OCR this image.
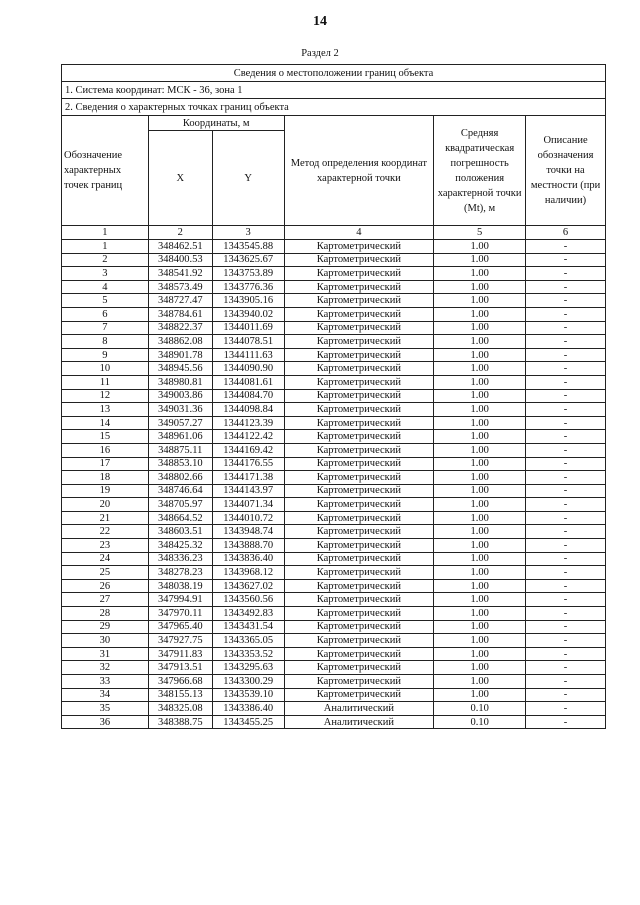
14
Раздел 2
Сведения о местоположении границ объекта					
1. Система координат: МСК - 36, зона 1					
2. Сведения о характерных точках границ объекта					
Обозначение характерных точек границ	Координаты, м		Метод определения координат характерной точки	Средняя квадратическая погрешность положения характерной точки (Mt), м	Описание обозначения точки на местности (при наличии)
	X	Y			
1	2	3	4	5	6
1	348462.51	1343545.88	Картометрический	1.00	-
2	348400.53	1343625.67	Картометрический	1.00	-
3	348541.92	1343753.89	Картометрический	1.00	-
4	348573.49	1343776.36	Картометрический	1.00	-
5	348727.47	1343905.16	Картометрический	1.00	-
6	348784.61	1343940.02	Картометрический	1.00	-
7	348822.37	1344011.69	Картометрический	1.00	-
8	348862.08	1344078.51	Картометрический	1.00	-
9	348901.78	1344111.63	Картометрический	1.00	-
10	348945.56	1344090.90	Картометрический	1.00	-
11	348980.81	1344081.61	Картометрический	1.00	-
12	349003.86	1344084.70	Картометрический	1.00	-
13	349031.36	1344098.84	Картометрический	1.00	-
14	349057.27	1344123.39	Картометрический	1.00	-
15	348961.06	1344122.42	Картометрический	1.00	-
16	348875.11	1344169.42	Картометрический	1.00	-
17	348853.10	1344176.55	Картометрический	1.00	-
18	348802.66	1344171.38	Картометрический	1.00	-
19	348746.64	1344143.97	Картометрический	1.00	-
20	348705.97	1344071.34	Картометрический	1.00	-
21	348664.52	1344010.72	Картометрический	1.00	-
22	348603.51	1343948.74	Картометрический	1.00	-
23	348425.32	1343888.70	Картометрический	1.00	-
24	348336.23	1343836.40	Картометрический	1.00	-
25	348278.23	1343968.12	Картометрический	1.00	-
26	348038.19	1343627.02	Картометрический	1.00	-
27	347994.91	1343560.56	Картометрический	1.00	-
28	347970.11	1343492.83	Картометрический	1.00	-
29	347965.40	1343431.54	Картометрический	1.00	-
30	347927.75	1343365.05	Картометрический	1.00	-
31	347911.83	1343353.52	Картометрический	1.00	-
32	347913.51	1343295.63	Картометрический	1.00	-
33	347966.68	1343300.29	Картометрический	1.00	-
34	348155.13	1343539.10	Картометрический	1.00	-
35	348325.08	1343386.40	Аналитический	0.10	-
36	348388.75	1343455.25	Аналитический	0.10	-
